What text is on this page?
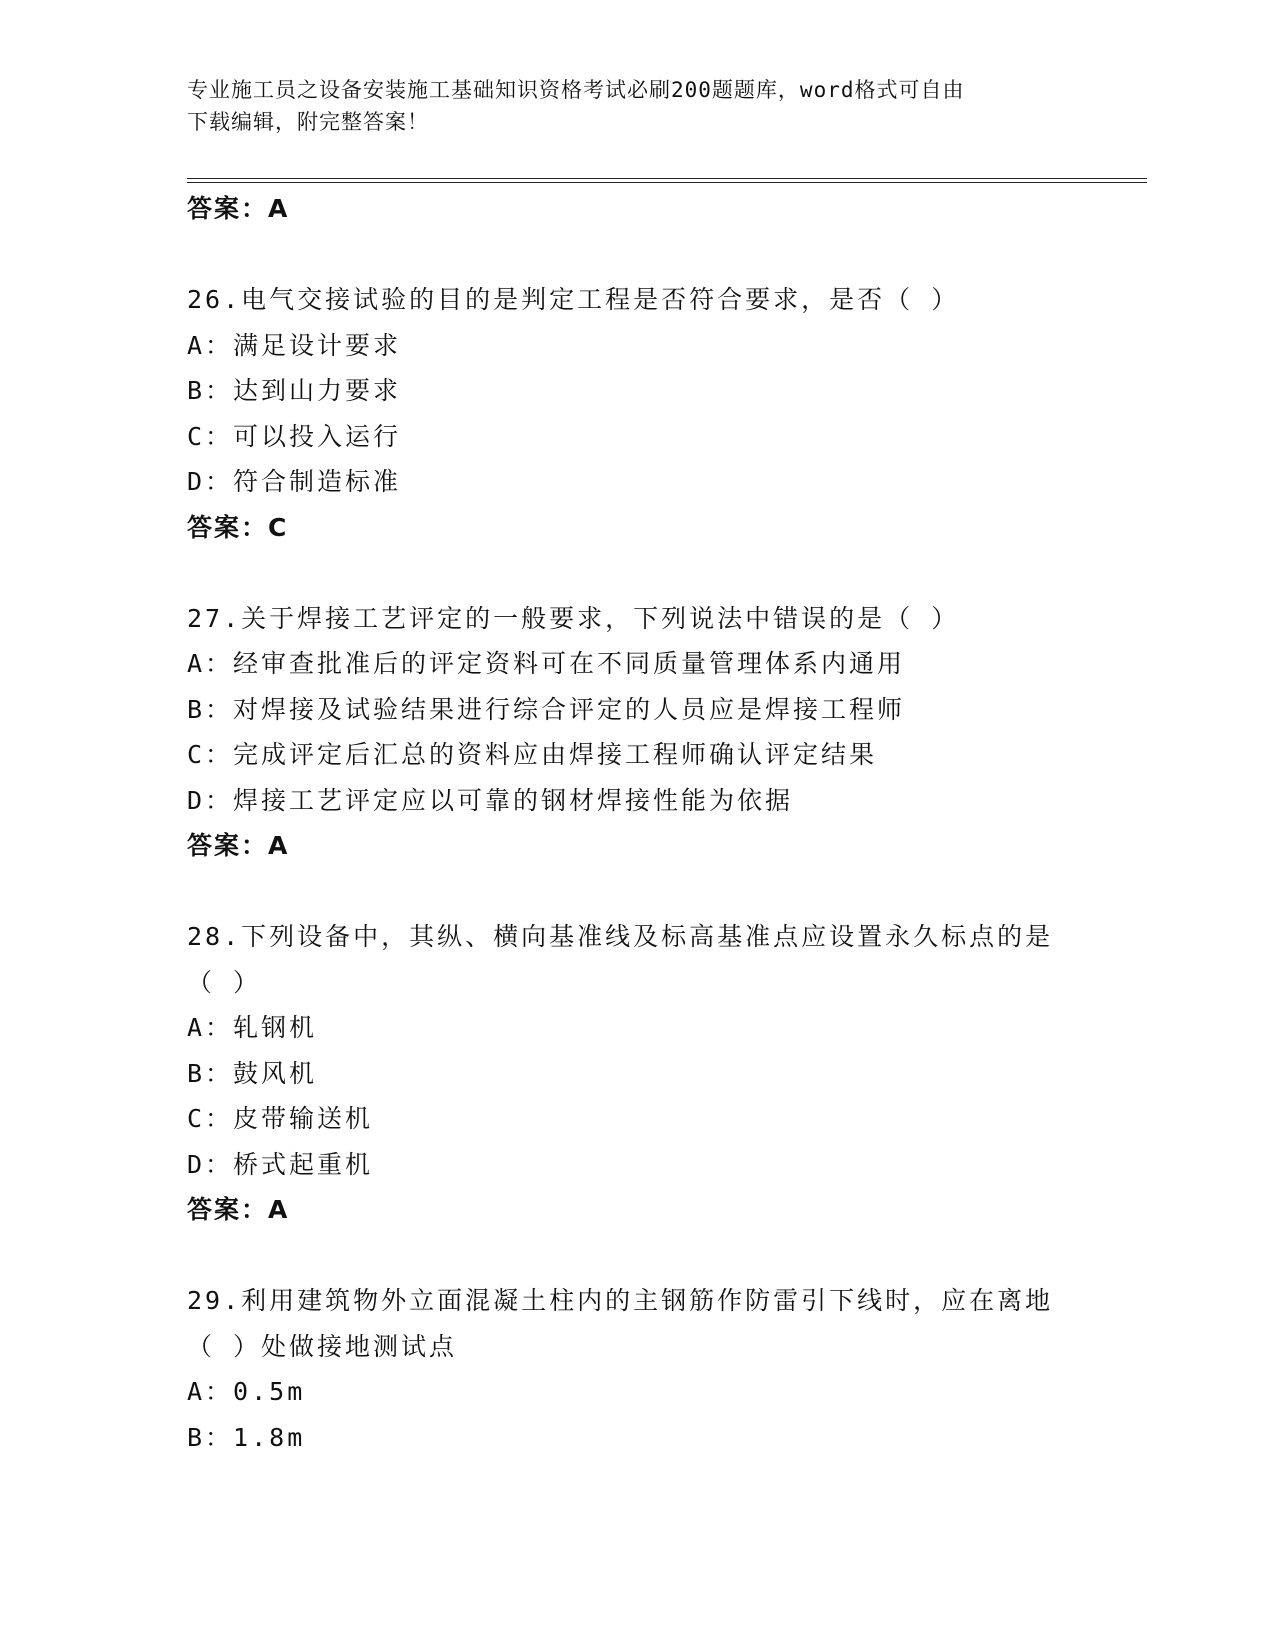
专业施工员之设备安装施工基础知识资格考试必刷200题题库，word格式可自由
下载编辑，附完整答案！
答案：A
26.电气交接试验的目的是判定工程是否符合要求，是否（ ）
A：满足设计要求
B：达到山力要求
C：可以投入运行
D：符合制造标准
答案：C
27.关于焊接工艺评定的一般要求，下列说法中错误的是（ ）
A：经审查批准后的评定资料可在不同质量管理体系内通用
B：对焊接及试验结果进行综合评定的人员应是焊接工程师
C：完成评定后汇总的资料应由焊接工程师确认评定结果
D：焊接工艺评定应以可靠的钢材焊接性能为依据
答案：A
28.下列设备中，其纵、横向基准线及标高基准点应设置永久标点的是
（ ）
A：轧钢机
B：鼓风机
C：皮带输送机
D：桥式起重机
答案：A
29.利用建筑物外立面混凝土柱内的主钢筋作防雷引下线时，应在离地
（ ）处做接地测试点
A：0.5m
B：1.8m
